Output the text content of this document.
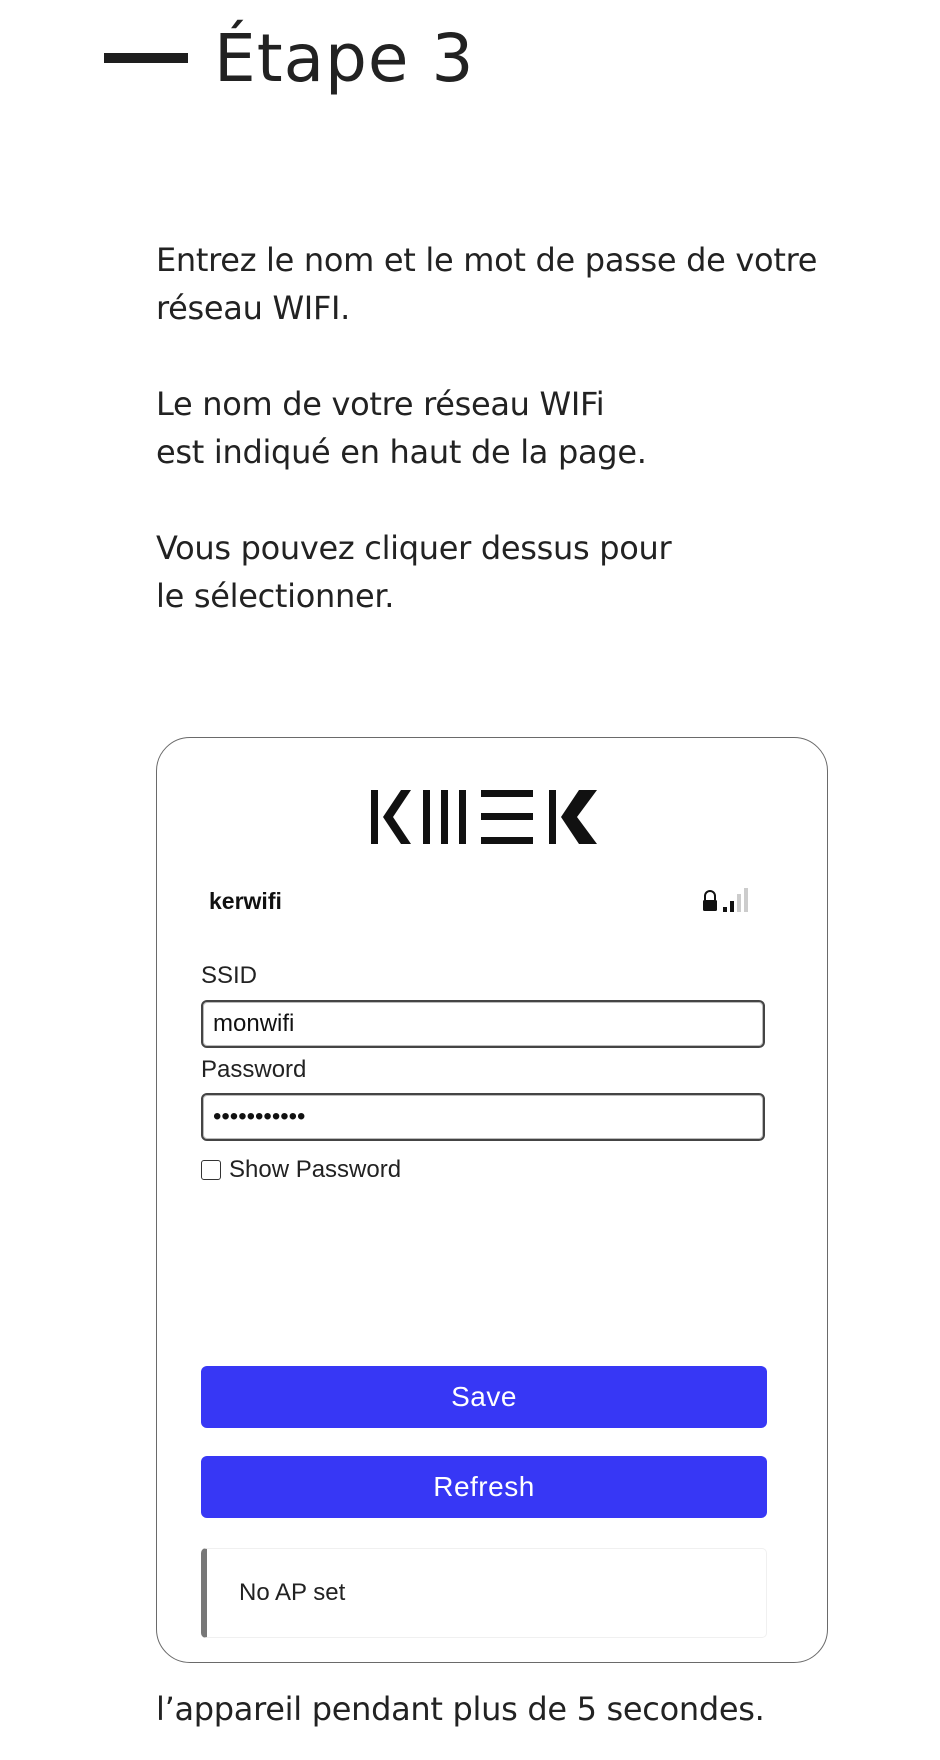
Étape 3

Entrez le nom et le mot de passe de votre
réseau WIFI.

Le nom de votre réseau WIFi
est indiqué en haut de la page.

Vous pouvez cliquer dessus pour
le sélectionner.

kerwifi
SSID
monwifi
Password
•••••••••••
Show Password
Save
Refresh
No AP set
l’appareil pendant plus de 5 secondes.
